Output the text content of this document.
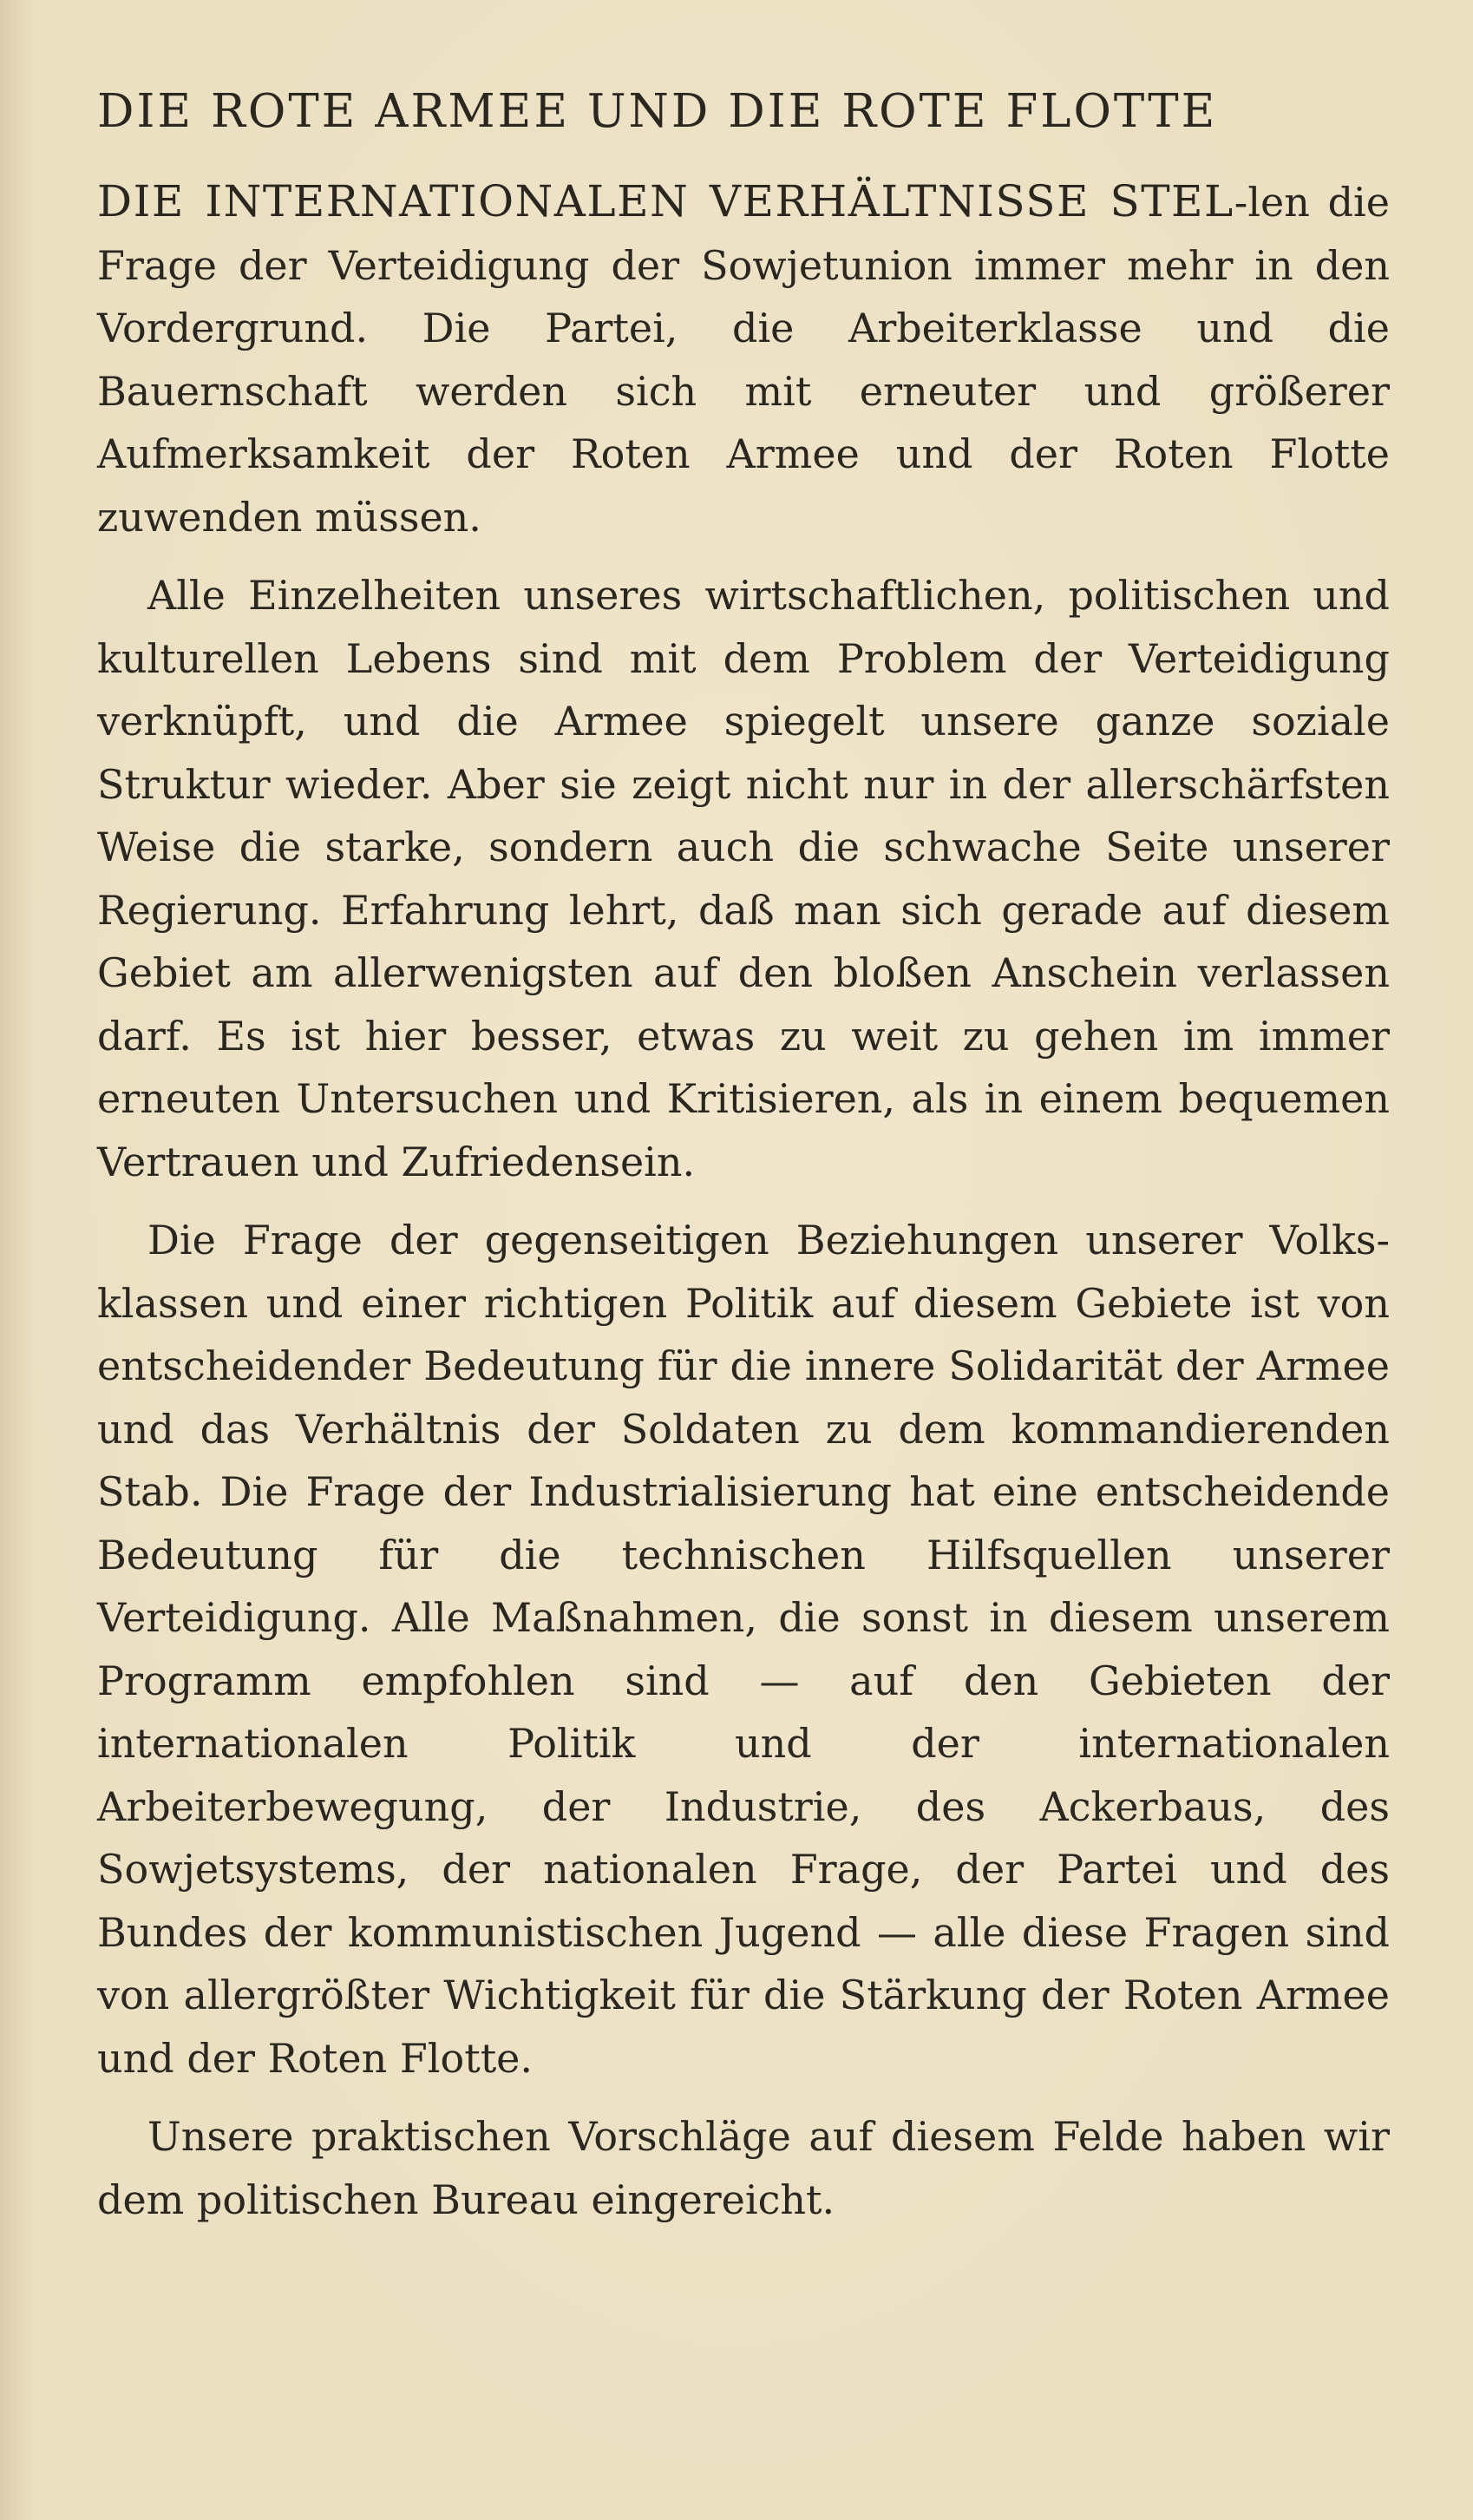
DIE ROTE ARMEE UND DIE ROTE FLOTTE

DIE INTERNATIONALEN VERHÄLTNISSE STEL-len die Frage der Verteidigung der Sowjetunion immer mehr in den Vordergrund. Die Partei, die Arbeiterklasse und die Bauernschaft werden sich mit erneuter und größerer Aufmerksamkeit der Roten Armee und der Roten Flotte zuwenden müssen.

Alle Einzelheiten unseres wirtschaftlichen, politischen und kulturellen Lebens sind mit dem Problem der Verteidigung verknüpft, und die Armee spiegelt unsere ganze soziale Struktur wieder. Aber sie zeigt nicht nur in der allerschärfsten Weise die starke, sondern auch die schwache Seite unserer Regierung. Erfahrung lehrt, daß man sich gerade auf diesem Gebiet am allerwenigsten auf den bloßen Anschein verlassen darf. Es ist hier besser, etwas zu weit zu gehen im immer erneuten Untersuchen und Kritisieren, als in einem bequemen Vertrauen und Zufriedensein.

Die Frage der gegenseitigen Beziehungen unserer Volksklassen und einer richtigen Politik auf diesem Gebiete ist von entscheidender Bedeutung für die innere Solidarität der Armee und das Verhältnis der Soldaten zu dem kommandierenden Stab. Die Frage der Industrialisierung hat eine entscheidende Bedeutung für die technischen Hilfsquellen unserer Verteidigung. Alle Maßnahmen, die sonst in diesem unserem Programm empfohlen sind — auf den Gebieten der internationalen Politik und der internationalen Arbeiterbewegung, der Industrie, des Ackerbaus, des Sowjetsystems, der nationalen Frage, der Partei und des Bundes der kommunistischen Jugend — alle diese Fragen sind von allergrößter Wichtigkeit für die Stärkung der Roten Armee und der Roten Flotte.

Unsere praktischen Vorschläge auf diesem Felde haben wir dem politischen Bureau eingereicht.
